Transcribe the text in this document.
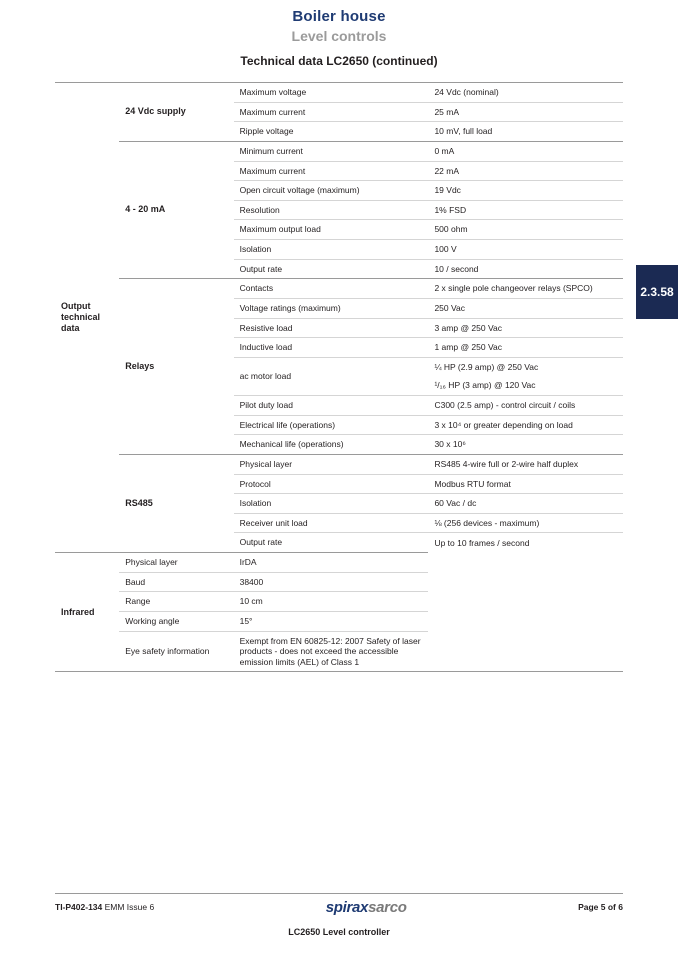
Boiler house
Level controls
Technical data LC2650 (continued)
2.3.58
Output technical data	24 Vdc supply	Maximum voltage	24 Vdc (nominal)
		Maximum current	25 mA
		Ripple voltage	10 mV, full load
	4 - 20 mA	Minimum current	0 mA
		Maximum current	22 mA
		Open circuit voltage (maximum)	19 Vdc
		Resolution	1% FSD
		Maximum output load	500 ohm
		Isolation	100 V
		Output rate	10 / second
	Relays	Contacts	2 x single pole changeover relays (SPCO)
		Voltage ratings (maximum)	250 Vac
		Resistive load	3 amp @ 250 Vac
		Inductive load	1 amp @ 250 Vac
		ac motor load	¼ HP (2.9 amp) @ 250 Vac
			¹/₁₆ HP (3 amp) @ 120 Vac
		Pilot duty load	C300 (2.5 amp) - control circuit / coils
		Electrical life (operations)	3 x 10⁴ or greater depending on load
		Mechanical life (operations)	30 x 10⁶
	RS485	Physical layer	RS485 4-wire full or 2-wire half duplex
		Protocol	Modbus RTU format
		Isolation	60 Vac / dc
		Receiver unit load	⅛ (256 devices - maximum)
		Output rate	Up to 10 frames / second
Infrared	Physical layer	IrDA	
	Baud	38400	
	Range	10 cm	
	Working angle	15°	
	Eye safety information	Exempt from EN 60825-12: 2007 Safety of laser products - does not exceed the accessible emission limits (AEL) of Class 1	

TI-P402-134 EMM Issue 6	spiraxsarco	Page 5 of 6
LC2650 Level controller
